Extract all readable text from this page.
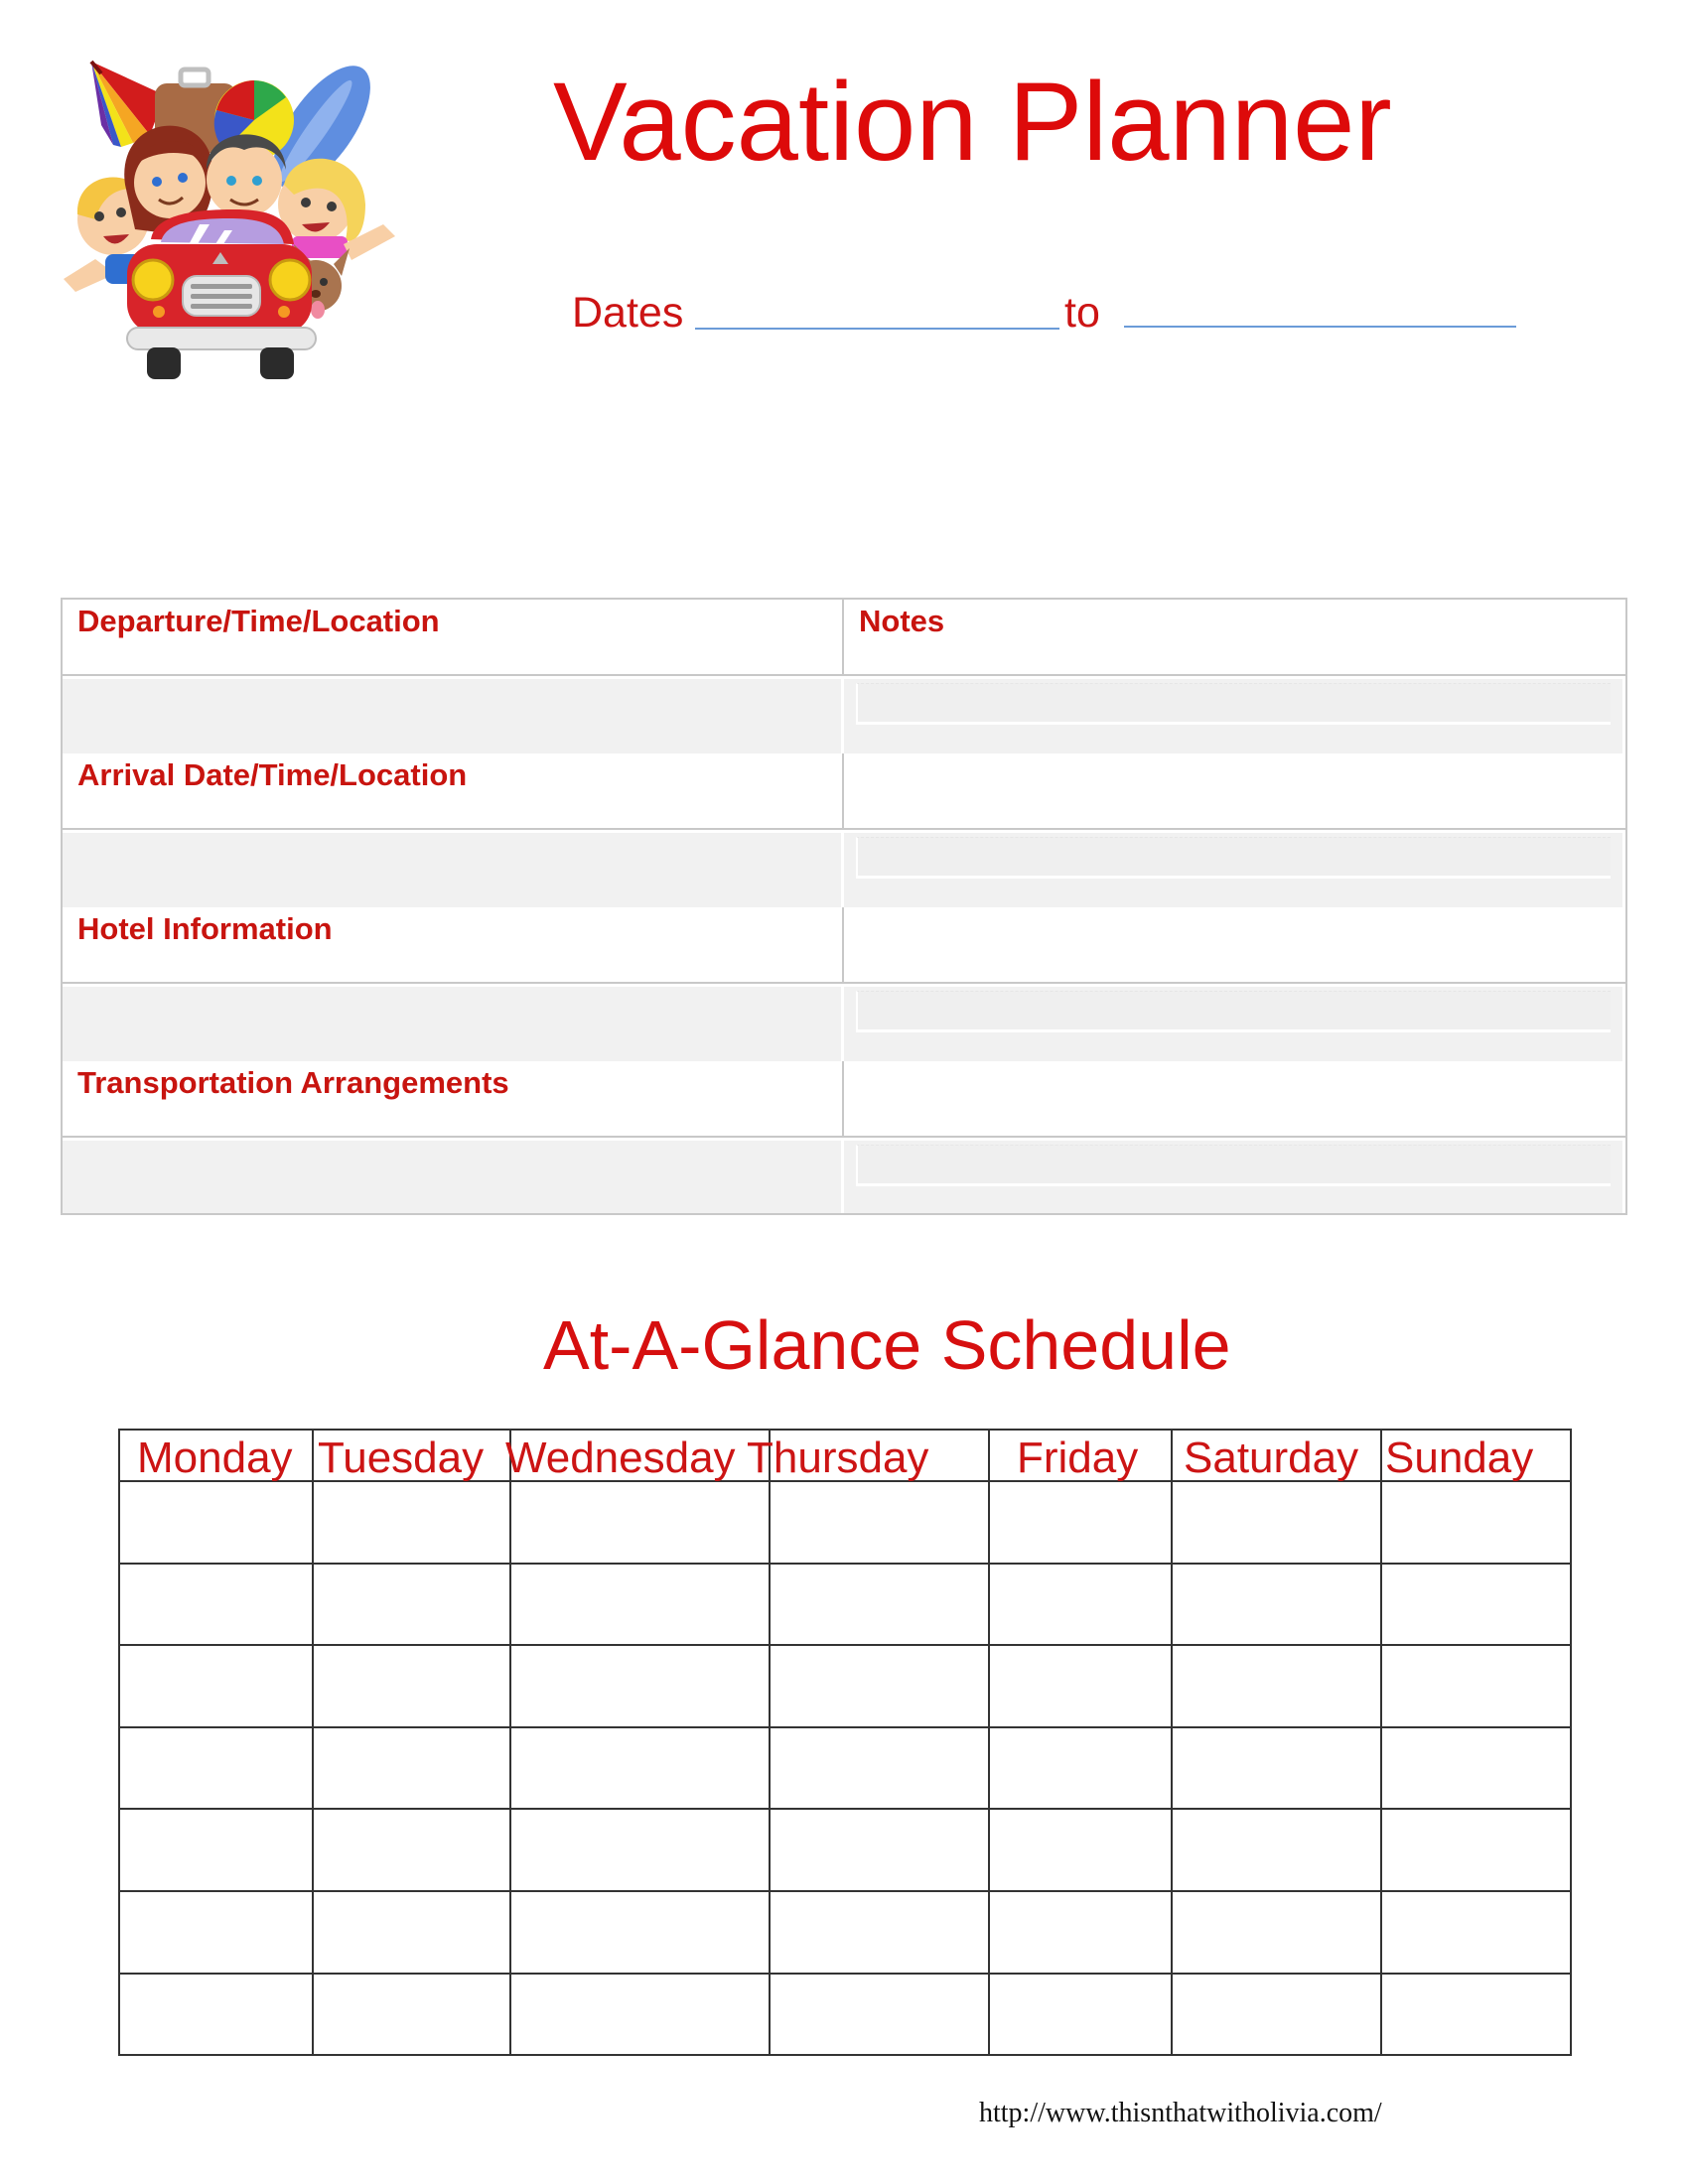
Vacation Planner
Dates	to
Departure/Time/Location	Notes
Arrival Date/Time/Location
Hotel Information
Transportation Arrangements
At-A-Glance Schedule
Monday	Tuesday	Wednesday	Thursday	Friday	Saturday	Sunday

http://www.thisnthatwitholivia.com/
